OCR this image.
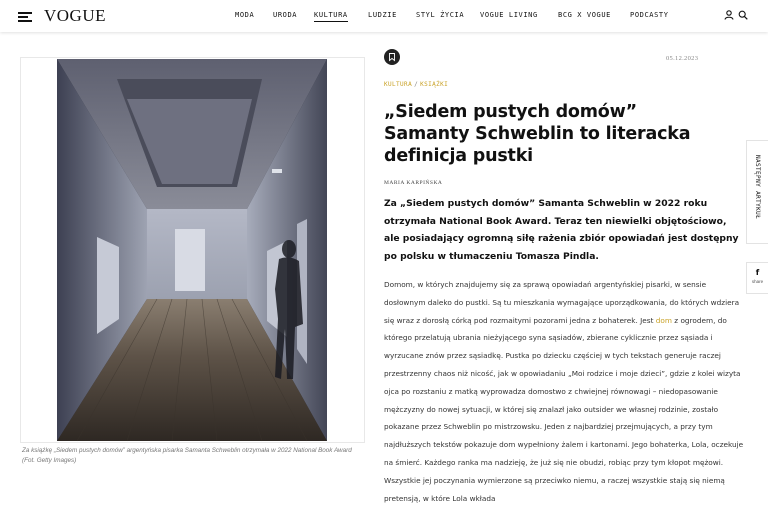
VOGUE	MODA	URODA KULTURA	LUDZIE	STYL ŻYCIA VOGUE LIVING	BCG X VOGUE	PODCASTY
Za książkę „Siedem pustych domów” argentyńska pisarka Samanta Schweblin otrzymała w 2022 National Book Award (Fot. Getty Images)
05.12.2023
KULTURA / KSIĄŻKI
„Siedem pustych domów” Samanty Schweblin to literacka definicja pustki
MARIA KARPIŃSKA

Za „Siedem pustych domów” Samanta Schweblin w 2022 roku otrzymała National Book Award. Teraz ten niewielki objętościowo, ale posiadający ogromną siłę rażenia zbiór opowiadań jest dostępny po polsku w tłumaczeniu Tomasza Pindla.

Domom, w których znajdujemy się za sprawą opowiadań argentyńskiej pisarki, w sensie dosłownym daleko do pustki. Są tu mieszkania wymagające uporządkowania, do których wdziera się wraz z dorosłą córką pod rozmaitymi pozorami jedna z bohaterek. Jest dom z ogrodem, do którego przelatują ubrania nieżyjącego syna sąsiadów, zbierane cyklicznie przez sąsiada i wyrzucane znów przez sąsiadkę. Pustka po dziecku częściej w tych tekstach generuje raczej przestrzenny chaos niż nicość, jak w opowiadaniu „Moi rodzice i moje dzieci”, gdzie z kolei wizyta ojca po rozstaniu z matką wyprowadza domostwo z chwiejnej równowagi – niedopasowanie mężczyzny do nowej sytuacji, w której się znalazł jako outsider we własnej rodzinie, zostało pokazane przez Schweblin po mistrzowsku. Jeden z najbardziej przejmujących, a przy tym najdłuższych tekstów pokazuje dom wypełniony żalem i kartonami. Jego bohaterka, Lola, oczekuje na śmierć. Każdego ranka ma nadzieję, że już się nie obudzi, robiąc przy tym kłopot mężowi. Wszystkie jej poczynania wymierzone są przeciwko niemu, a raczej wszystkie stają się niemą pretensją, w które Lola wkłada

NASTĘPNY ARTYKUŁ
f
share
